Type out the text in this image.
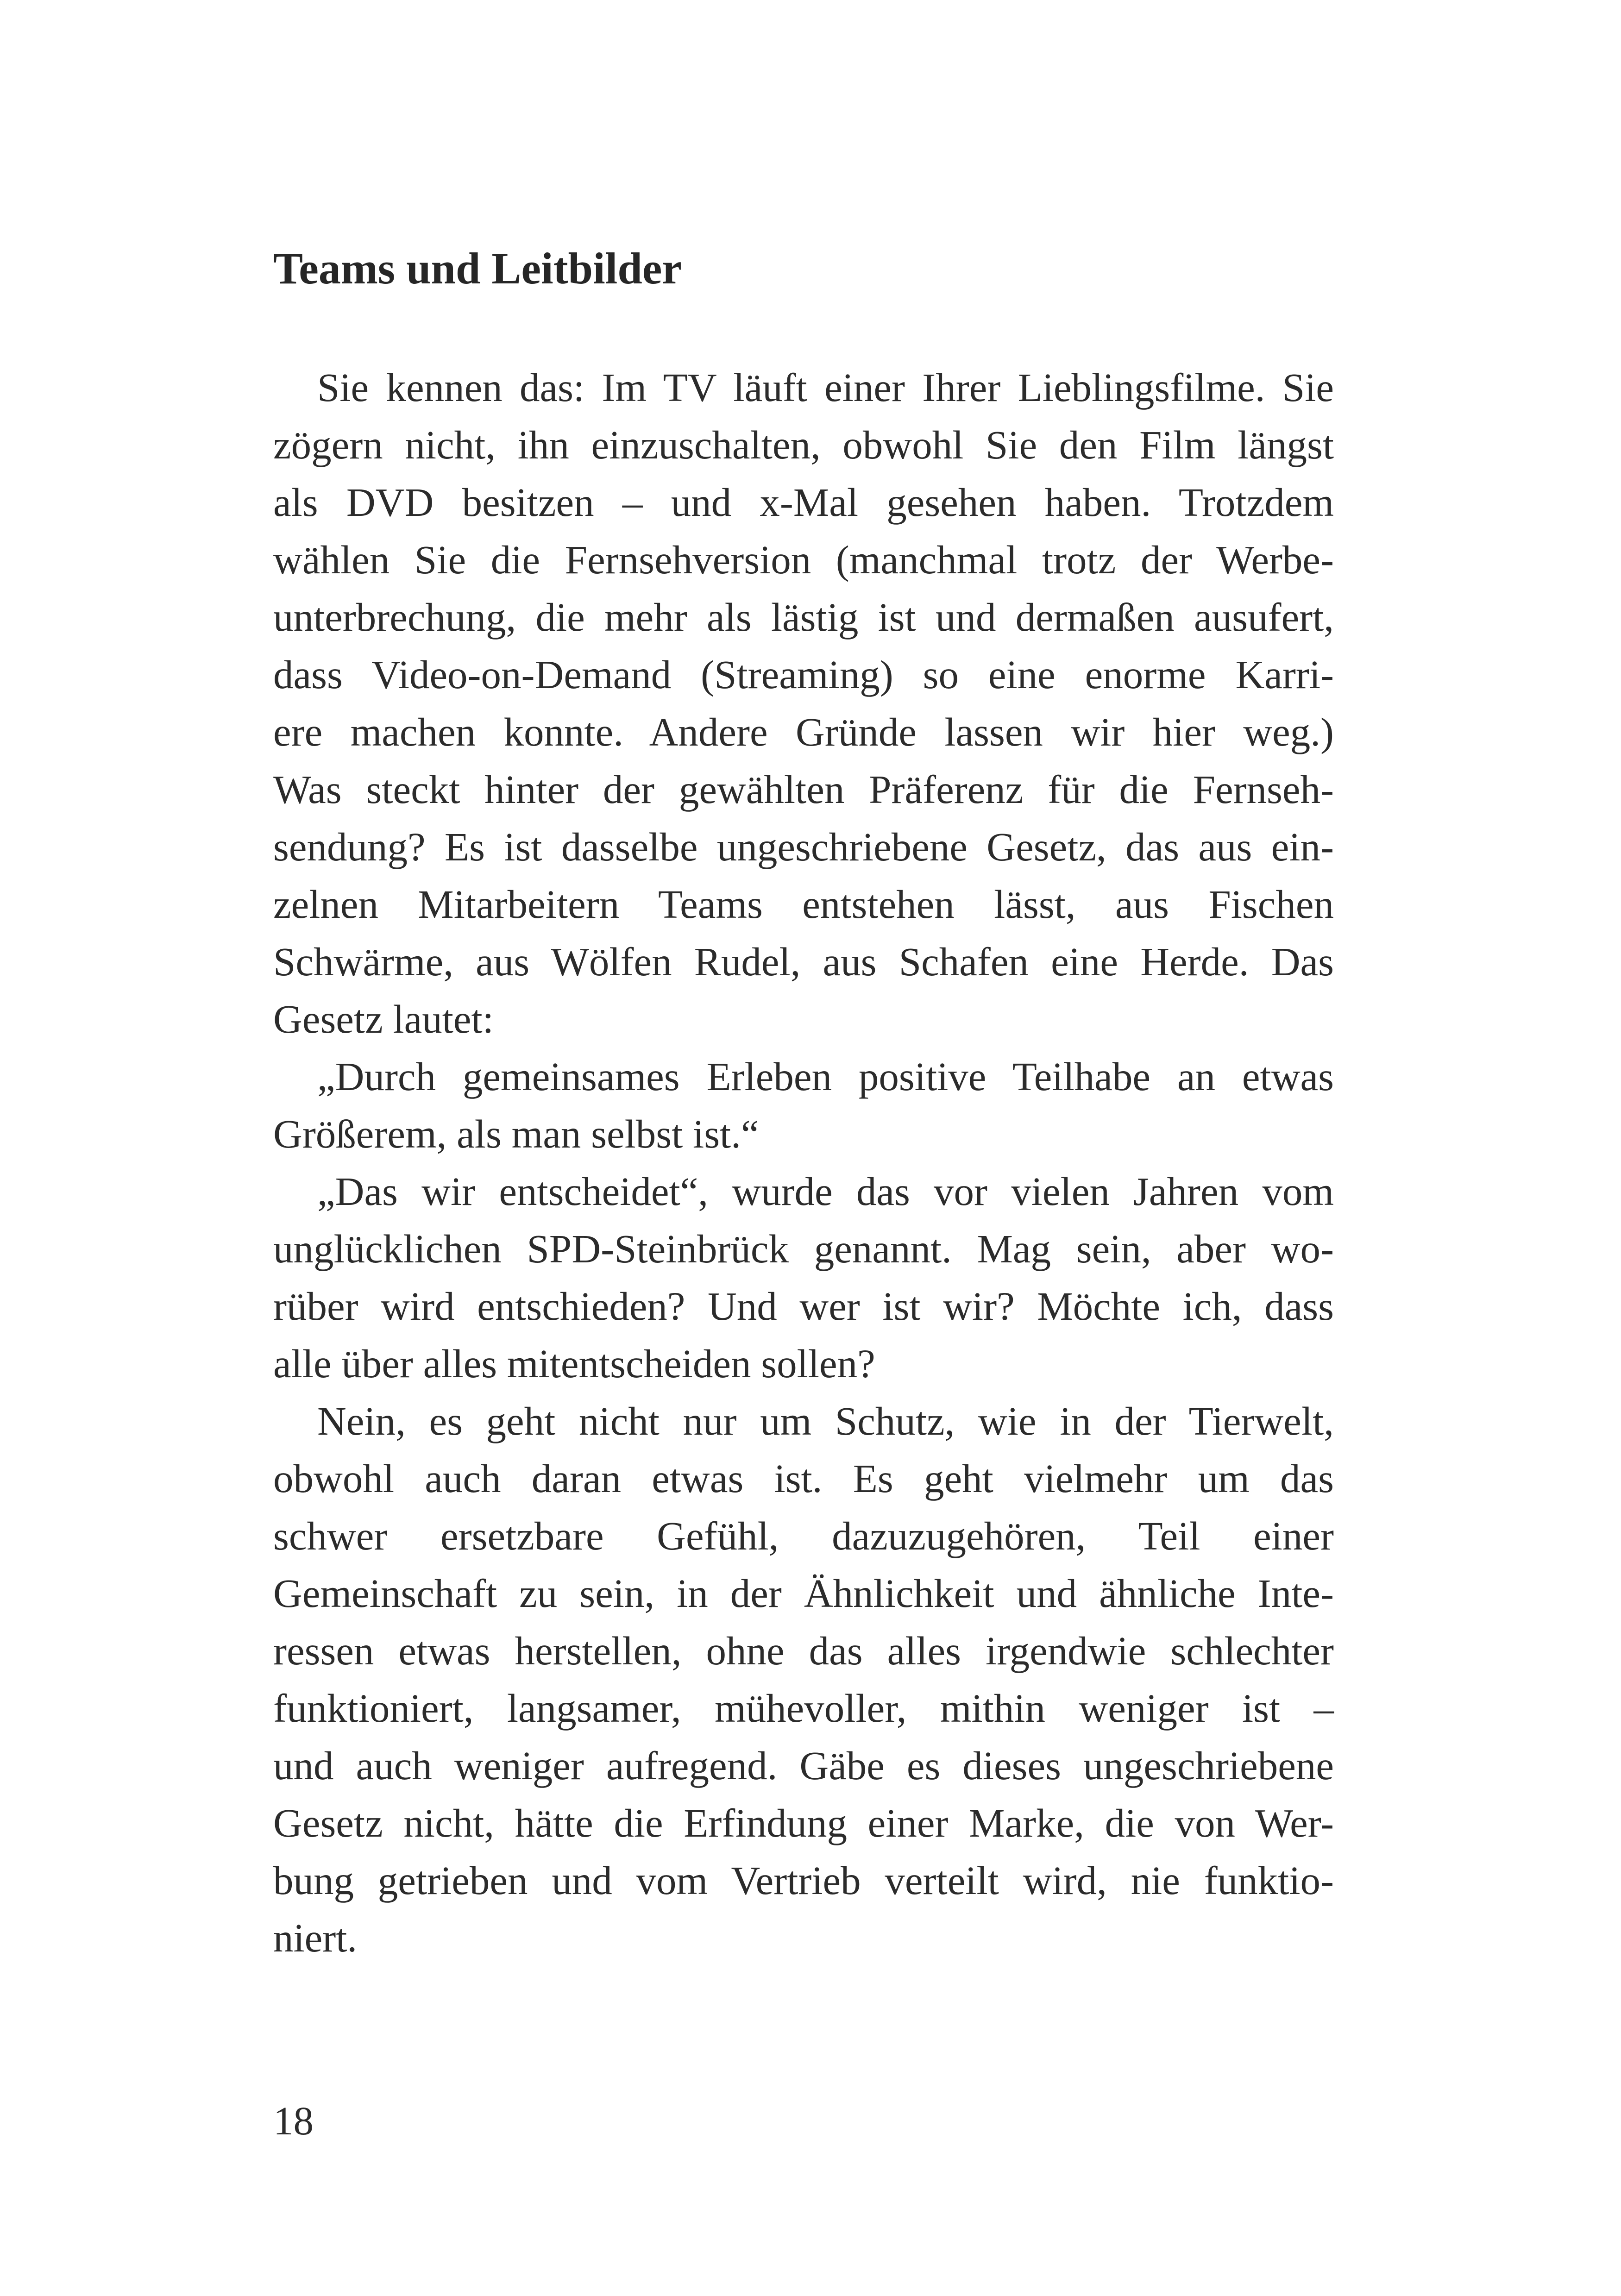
Teams und Leitbilder
Sie kennen das: Im TV läuft einer Ihrer Lieblingsfilme. Sie
zögern nicht, ihn einzuschalten, obwohl Sie den Film längst
als DVD besitzen – und x-Mal gesehen haben. Trotzdem
wählen Sie die Fernsehversion (manchmal trotz der Werbe-
unterbrechung, die mehr als lästig ist und dermaßen ausufert,
dass Video-on-Demand (Streaming) so eine enorme Karri-
ere machen konnte. Andere Gründe lassen wir hier weg.)
Was steckt hinter der gewählten Präferenz für die Fernseh-
sendung? Es ist dasselbe ungeschriebene Gesetz, das aus ein-
zelnen Mitarbeitern Teams entstehen lässt, aus Fischen
Schwärme, aus Wölfen Rudel, aus Schafen eine Herde. Das
Gesetz lautet:
„Durch gemeinsames Erleben positive Teilhabe an etwas
Größerem, als man selbst ist.“
„Das wir entscheidet“, wurde das vor vielen Jahren vom
unglücklichen SPD-Steinbrück genannt. Mag sein, aber wo-
rüber wird entschieden? Und wer ist wir? Möchte ich, dass
alle über alles mitentscheiden sollen?
Nein, es geht nicht nur um Schutz, wie in der Tierwelt,
obwohl auch daran etwas ist. Es geht vielmehr um das
schwer ersetzbare Gefühl, dazuzugehören, Teil einer
Gemeinschaft zu sein, in der Ähnlichkeit und ähnliche Inte-
ressen etwas herstellen, ohne das alles irgendwie schlechter
funktioniert, langsamer, mühevoller, mithin weniger ist –
und auch weniger aufregend. Gäbe es dieses ungeschriebene
Gesetz nicht, hätte die Erfindung einer Marke, die von Wer-
bung getrieben und vom Vertrieb verteilt wird, nie funktio-
niert.
18
